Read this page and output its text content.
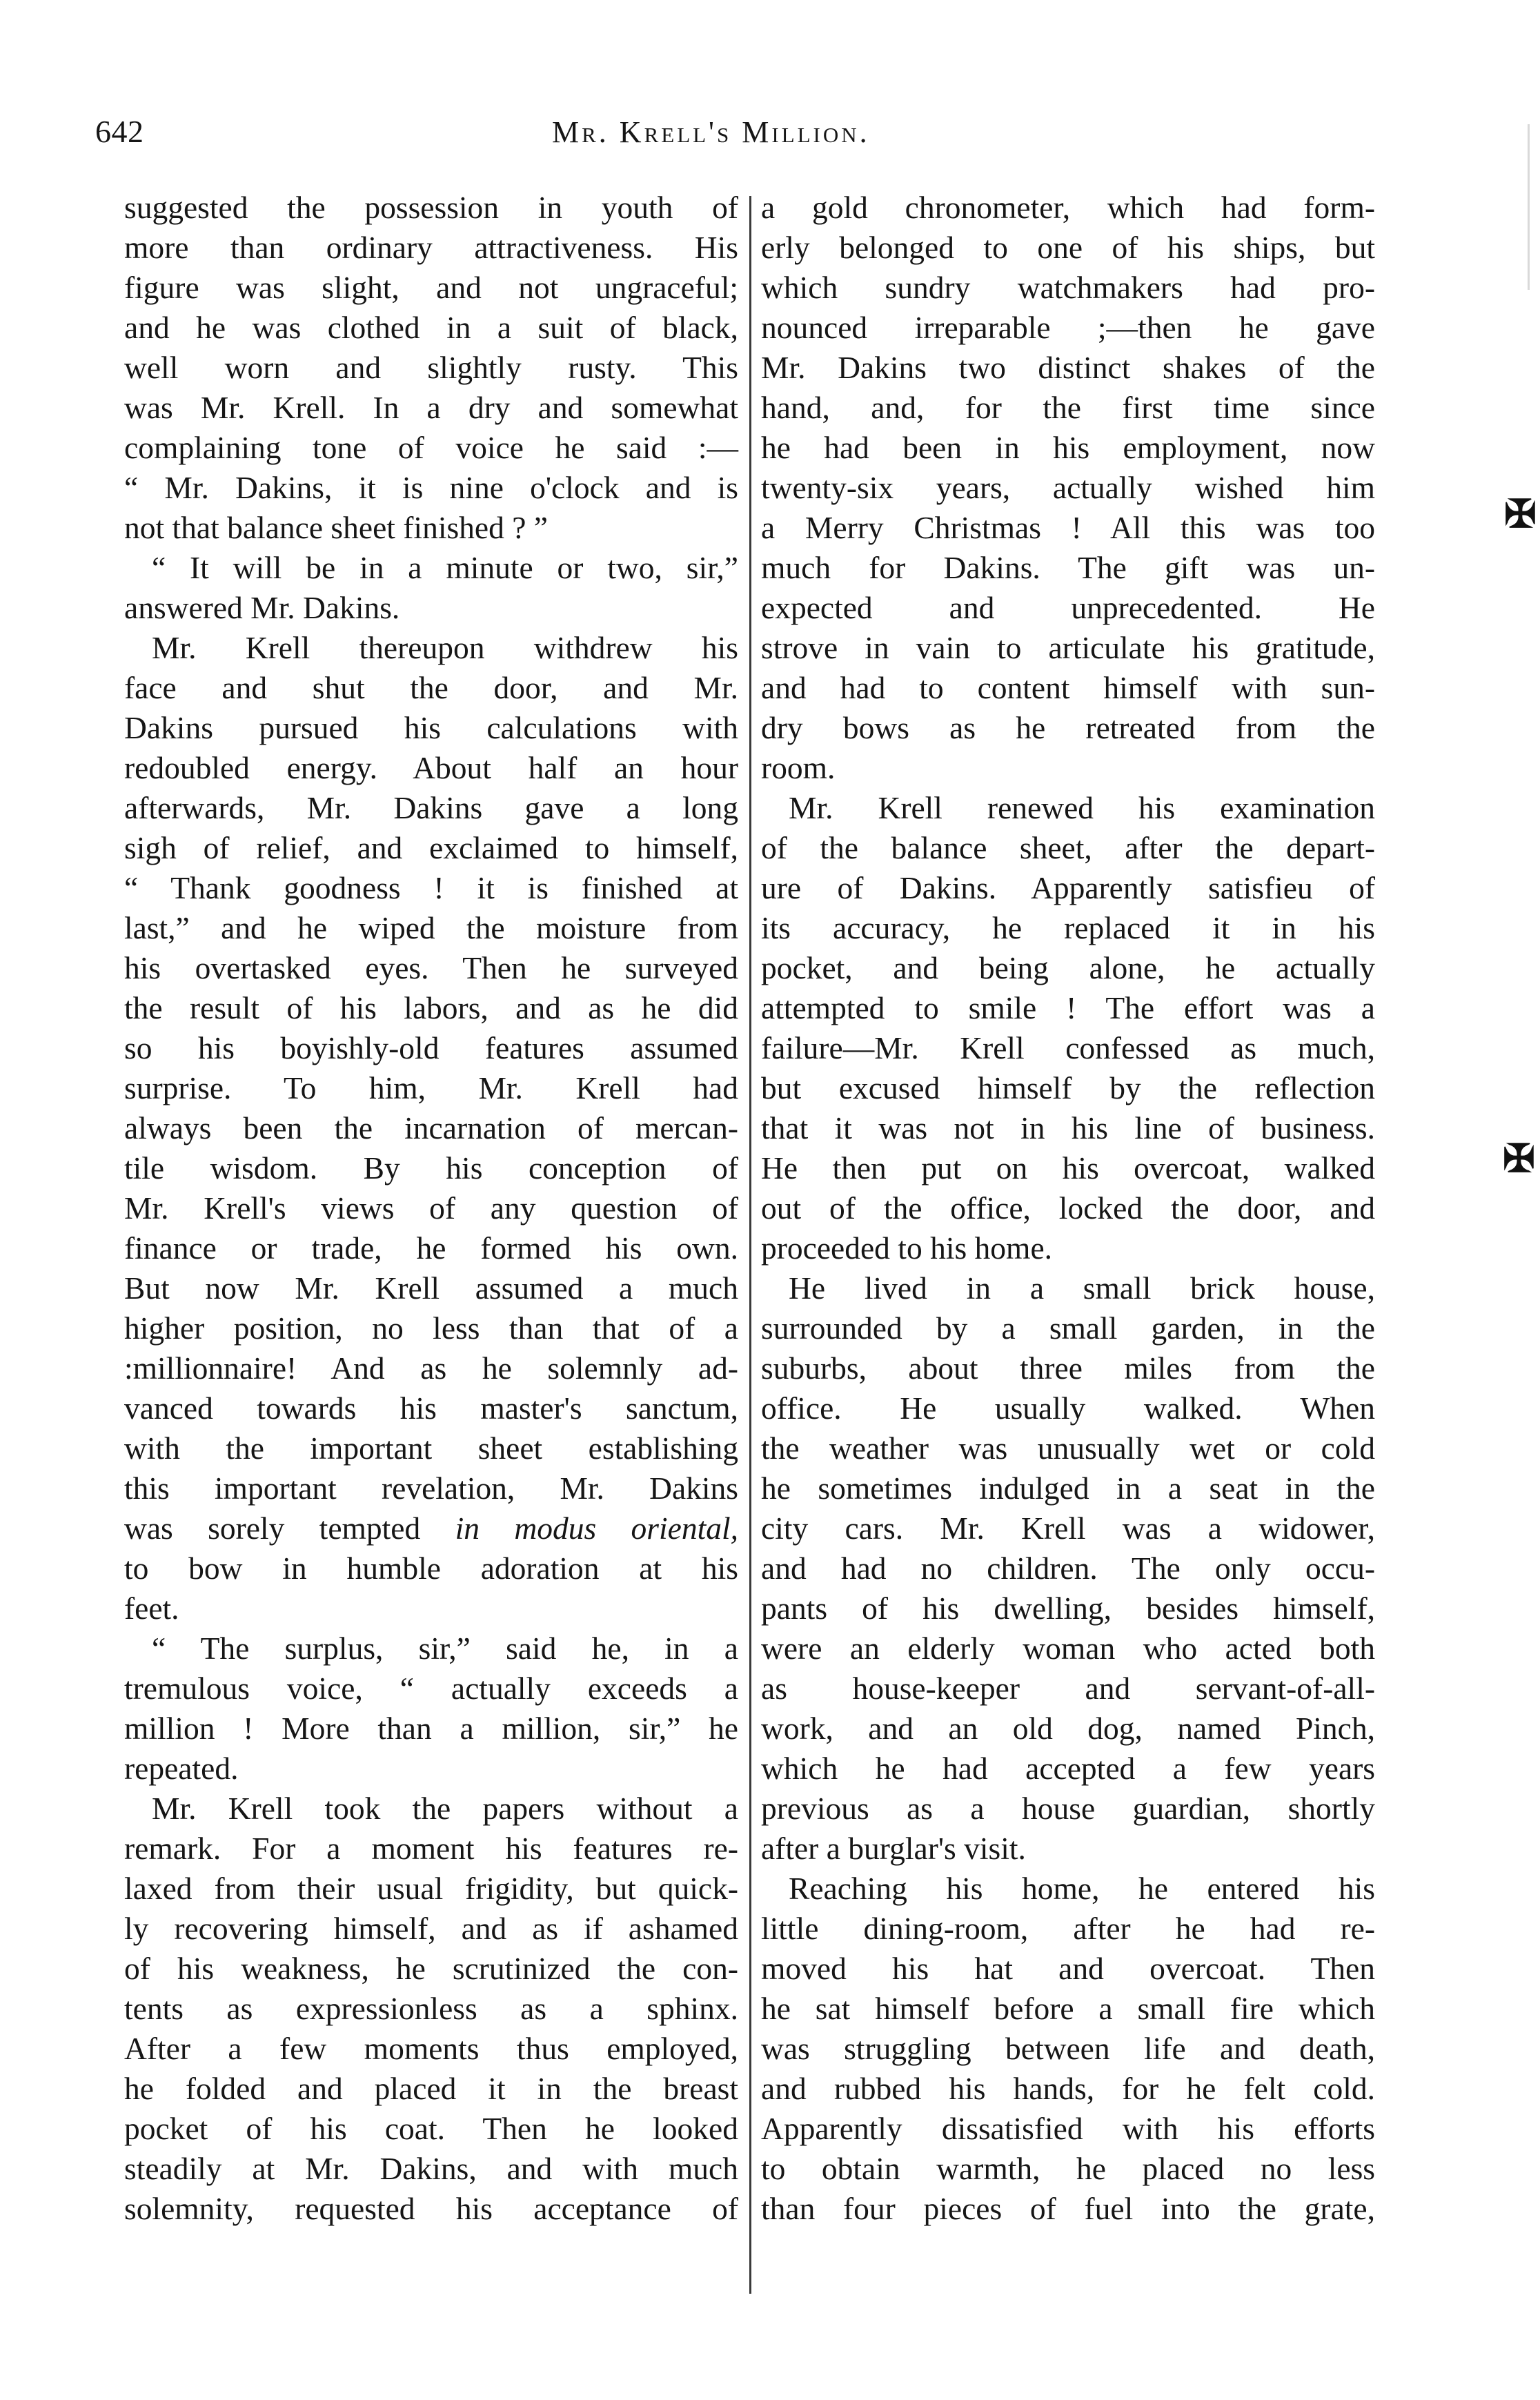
642	Mr. Krell's Million.
suggested the possession in youth of
more than ordinary attractiveness. His
figure was slight, and not ungraceful;
and he was clothed in a suit of black,
well worn and slightly rusty. This
was Mr. Krell. In a dry and somewhat
complaining tone of voice he said :—
“ Mr. Dakins, it is nine o'clock and is
not that balance sheet finished ? ”
“ It will be in a minute or two, sir,”
answered Mr. Dakins.
Mr. Krell thereupon withdrew his
face and shut the door, and Mr.
Dakins pursued his calculations with
redoubled energy. About half an hour
afterwards, Mr. Dakins gave a long
sigh of relief, and exclaimed to himself,
“ Thank goodness ! it is finished at
last,” and he wiped the moisture from
his overtasked eyes. Then he surveyed
the result of his labors, and as he did
so his boyishly-old features assumed
surprise. To him, Mr. Krell had
always been the incarnation of mercan-
tile wisdom. By his conception of
Mr. Krell's views of any question of
finance or trade, he formed his own.
But now Mr. Krell assumed a much
higher position, no less than that of a
:millionnaire! And as he solemnly ad-
vanced towards his master's sanctum,
with the important sheet establishing
this important revelation, Mr. Dakins
was sorely tempted in modus oriental,
to bow in humble adoration at his
feet.
“ The surplus, sir,” said he, in a
tremulous voice, “ actually exceeds a
million ! More than a million, sir,” he
repeated.
Mr. Krell took the papers without a
remark. For a moment his features re-
laxed from their usual frigidity, but quick-
ly recovering himself, and as if ashamed
of his weakness, he scrutinized the con-
tents as expressionless as a sphinx.
After a few moments thus employed,
he folded and placed it in the breast
pocket of his coat. Then he looked
steadily at Mr. Dakins, and with much
solemnity, requested his acceptance of
a gold chronometer, which had form-
erly belonged to one of his ships, but
which sundry watchmakers had pro-
nounced irreparable ;—then he gave
Mr. Dakins two distinct shakes of the
hand, and, for the first time since
he had been in his employment, now
twenty-six years, actually wished him
a Merry Christmas ! All this was too
much for Dakins. The gift was un-
expected and unprecedented. He
strove in vain to articulate his gratitude,
and had to content himself with sun-
dry bows as he retreated from the
room.
Mr. Krell renewed his examination
of the balance sheet, after the depart-
ure of Dakins. Apparently satisfieu of
its accuracy, he replaced it in his
pocket, and being alone, he actually
attempted to smile ! The effort was a
failure—Mr. Krell confessed as much,
but excused himself by the reflection
that it was not in his line of business.
He then put on his overcoat, walked
out of the office, locked the door, and
proceeded to his home.
He lived in a small brick house,
surrounded by a small garden, in the
suburbs, about three miles from the
office. He usually walked. When
the weather was unusually wet or cold
he sometimes indulged in a seat in the
city cars. Mr. Krell was a widower,
and had no children. The only occu-
pants of his dwelling, besides himself,
were an elderly woman who acted both
as house-keeper and servant-of-all-
work, and an old dog, named Pinch,
which he had accepted a few years
previous as a house guardian, shortly
after a burglar's visit.
Reaching his home, he entered his
little dining-room, after he had re-
moved his hat and overcoat. Then
he sat himself before a small fire which
was struggling between life and death,
and rubbed his hands, for he felt cold.
Apparently dissatisfied with his efforts
to obtain warmth, he placed no less
than four pieces of fuel into the grate,
✠
✠
